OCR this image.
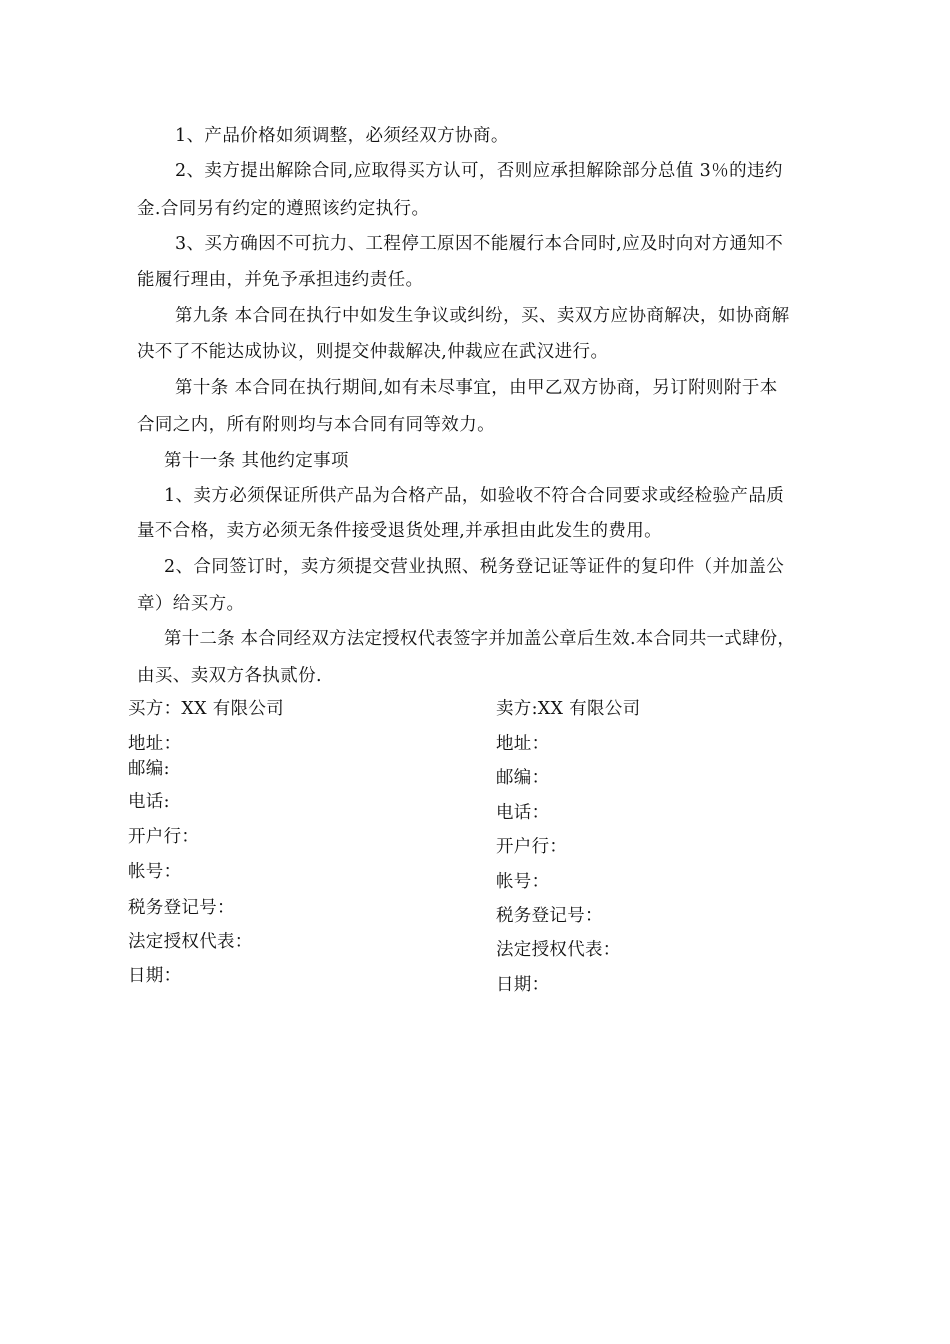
1、产品价格如须调整，必须经双方协商。
2、卖方提出解除合同,应取得买方认可，否则应承担解除部分总值 3％的违约
金.合同另有约定的遵照该约定执行。
3、买方确因不可抗力、工程停工原因不能履行本合同时,应及时向对方通知不
能履行理由，并免予承担违约责任。
第九条 本合同在执行中如发生争议或纠纷，买、卖双方应协商解决，如协商解
决不了不能达成协议，则提交仲裁解决,仲裁应在武汉进行。
第十条 本合同在执行期间,如有未尽事宜，由甲乙双方协商，另订附则附于本
合同之内，所有附则均与本合同有同等效力。
第十一条 其他约定事项
1、卖方必须保证所供产品为合格产品，如验收不符合合同要求或经检验产品质
量不合格，卖方必须无条件接受退货处理,并承担由此发生的费用。
2、合同签订时，卖方须提交营业执照、税务登记证等证件的复印件（并加盖公
章）给买方。
第十二条 本合同经双方法定授权代表签字并加盖公章后生效.本合同共一式肆份，
由买、卖双方各执贰份.
买方：XX 有限公司
地址：
邮编:
电话:
开户行：
帐号：
税务登记号：
法定授权代表：
日期：
卖方:XX 有限公司
地址：
邮编：
电话：
开户行：
帐号：
税务登记号：
法定授权代表：
日期：
